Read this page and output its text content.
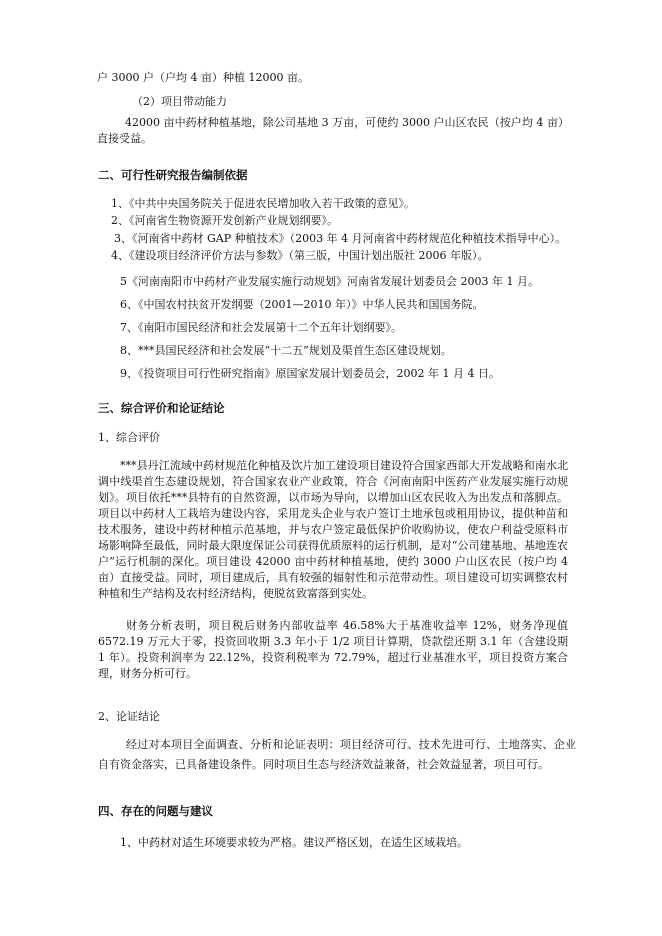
户 3000 户（户均 4 亩）种植 12000 亩。
（2）项目带动能力
42000 亩中药材种植基地，除公司基地 3 万亩，可使约 3000 户山区农民（按户均 4 亩）直接受益。
二、可行性研究报告编制依据
1、《中共中央国务院关于促进农民增加收入若干政策的意见》。
2、《河南省生物资源开发创新产业规划纲要》。
3、《河南省中药材 GAP 种植技术》（2003 年 4 月河南省中药材规范化种植技术指导中心）。
4、《建设项目经济评价方法与参数》（第三版，中国计划出版社 2006 年版）。
5《河南南阳市中药材产业发展实施行动规划》河南省发展计划委员会 2003 年 1 月。
6、《中国农村扶贫开发纲要（2001—2010 年）》中华人民共和国国务院。
7、《南阳市国民经济和社会发展第十二个五年计划纲要》。
8、***县国民经济和社会发展“十二五”规划及渠首生态区建设规划。
9、《投资项目可行性研究指南》原国家发展计划委员会，2002 年 1 月 4 日。
三、综合评价和论证结论
1、综合评价
***县丹江流域中药材规范化种植及饮片加工建设项目建设符合国家西部大开发战略和南水北调中线渠首生态建设规划，符合国家农业产业政策，符合《河南南阳中医药产业发展实施行动规划》。项目依托***县特有的自然资源，以市场为导向，以增加山区农民收入为出发点和落脚点。项目以中药材人工栽培为建设内容，采用龙头企业与农户签订土地承包或租用协议，提供种苗和技术服务，建设中药材种植示范基地，并与农户签定最低保护价收购协议，使农户利益受原料市场影响降至最低，同时最大限度保证公司获得优质原料的运行机制，是对“公司建基地、基地连农户”运行机制的深化。项目建设 42000 亩中药材种植基地，使约 3000 户山区农民（按户均 4 亩）直接受益。同时，项目建成后，具有较强的辐射性和示范带动性。项目建设可切实调整农村种植和生产结构及农村经济结构，使脱贫致富落到实处。
财务分析表明，项目税后财务内部收益率 46.58%大于基准收益率 12%，财务净现值 6572.19 万元大于零，投资回收期 3.3 年小于 1/2 项目计算期，贷款偿还期 3.1 年（含建设期 1 年）。投资利润率为 22.12%，投资利税率为 72.79%，超过行业基准水平，项目投资方案合理，财务分析可行。
2、论证结论
经过对本项目全面调查、分析和论证表明：项目经济可行、技术先进可行、土地落实、企业自有资金落实，已具备建设条件。同时项目生态与经济效益兼备，社会效益显著，项目可行。
四、存在的问题与建议
1、中药材对适生环境要求较为严格。建议严格区划，在适生区域栽培。
